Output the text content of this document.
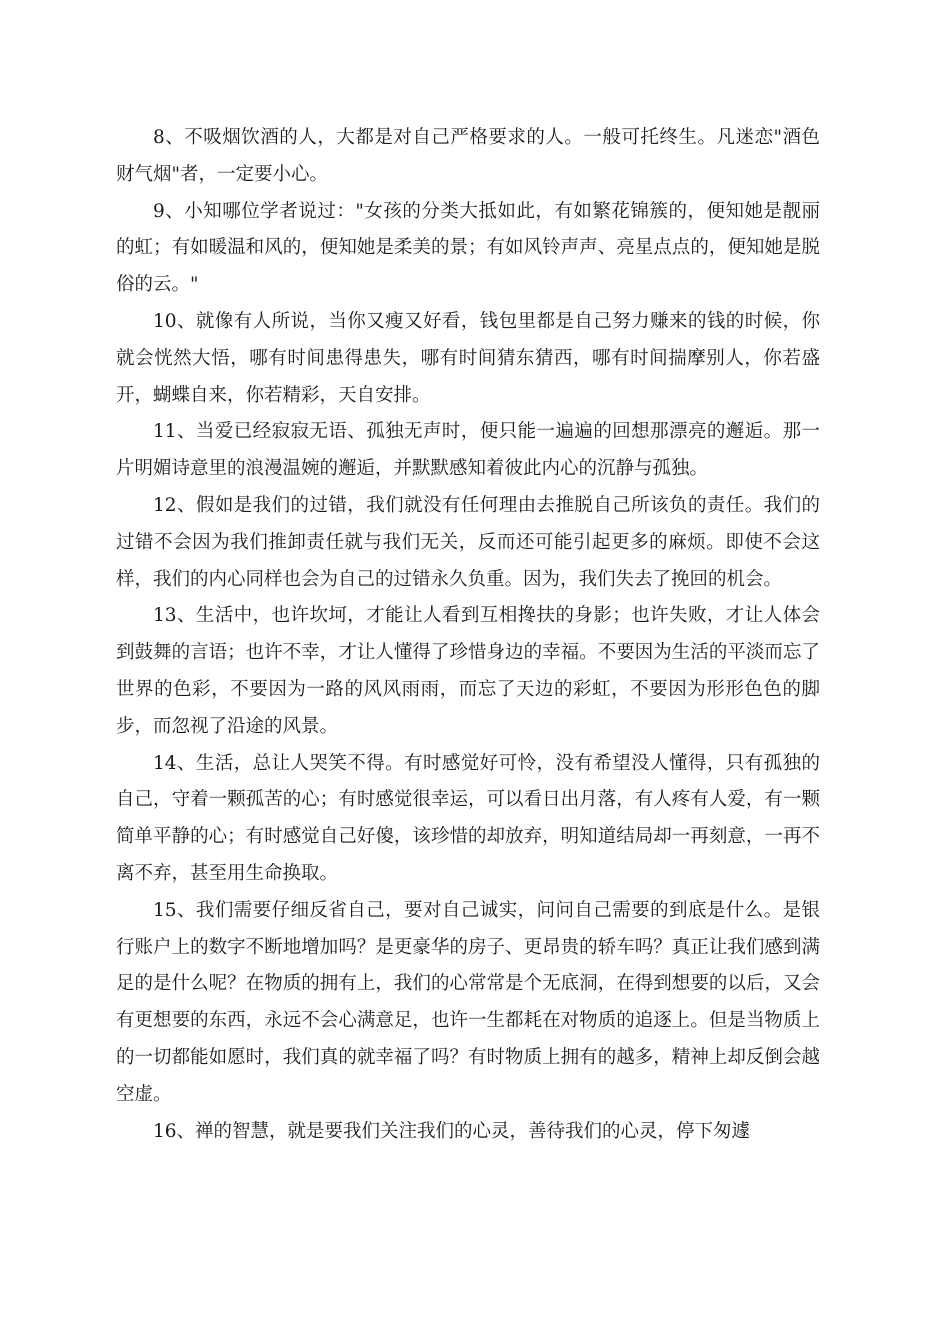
8、不吸烟饮酒的人，大都是对自己严格要求的人。一般可托终生。凡迷恋"酒色财气烟"者，一定要小心。

9、小知哪位学者说过："女孩的分类大抵如此，有如繁花锦簇的，便知她是靓丽的虹；有如暖温和风的，便知她是柔美的景；有如风铃声声、亮星点点的，便知她是脱俗的云。"

10、就像有人所说，当你又瘦又好看，钱包里都是自己努力赚来的钱的时候，你就会恍然大悟，哪有时间患得患失，哪有时间猜东猜西，哪有时间揣摩别人，你若盛开，蝴蝶自来，你若精彩，天自安排。

11、当爱已经寂寂无语、孤独无声时，便只能一遍遍的回想那漂亮的邂逅。那一片明媚诗意里的浪漫温婉的邂逅，并默默感知着彼此内心的沉静与孤独。

12、假如是我们的过错，我们就没有任何理由去推脱自己所该负的责任。我们的过错不会因为我们推卸责任就与我们无关，反而还可能引起更多的麻烦。即使不会这样，我们的内心同样也会为自己的过错永久负重。因为，我们失去了挽回的机会。

13、生活中，也许坎坷，才能让人看到互相搀扶的身影；也许失败，才让人体会到鼓舞的言语；也许不幸，才让人懂得了珍惜身边的幸福。不要因为生活的平淡而忘了世界的色彩，不要因为一路的风风雨雨，而忘了天边的彩虹，不要因为形形色色的脚步，而忽视了沿途的风景。

14、生活，总让人哭笑不得。有时感觉好可怜，没有希望没人懂得，只有孤独的自己，守着一颗孤苦的心；有时感觉很幸运，可以看日出月落，有人疼有人爱，有一颗简单平静的心；有时感觉自己好傻，该珍惜的却放弃，明知道结局却一再刻意，一再不离不弃，甚至用生命换取。

15、我们需要仔细反省自己，要对自己诚实，问问自己需要的到底是什么。是银行账户上的数字不断地增加吗？是更豪华的房子、更昂贵的轿车吗？真正让我们感到满足的是什么呢？在物质的拥有上，我们的心常常是个无底洞，在得到想要的以后，又会有更想要的东西，永远不会心满意足，也许一生都耗在对物质的追逐上。但是当物质上的一切都能如愿时，我们真的就幸福了吗？有时物质上拥有的越多，精神上却反倒会越空虚。

16、禅的智慧，就是要我们关注我们的心灵，善待我们的心灵，停下匆遽
